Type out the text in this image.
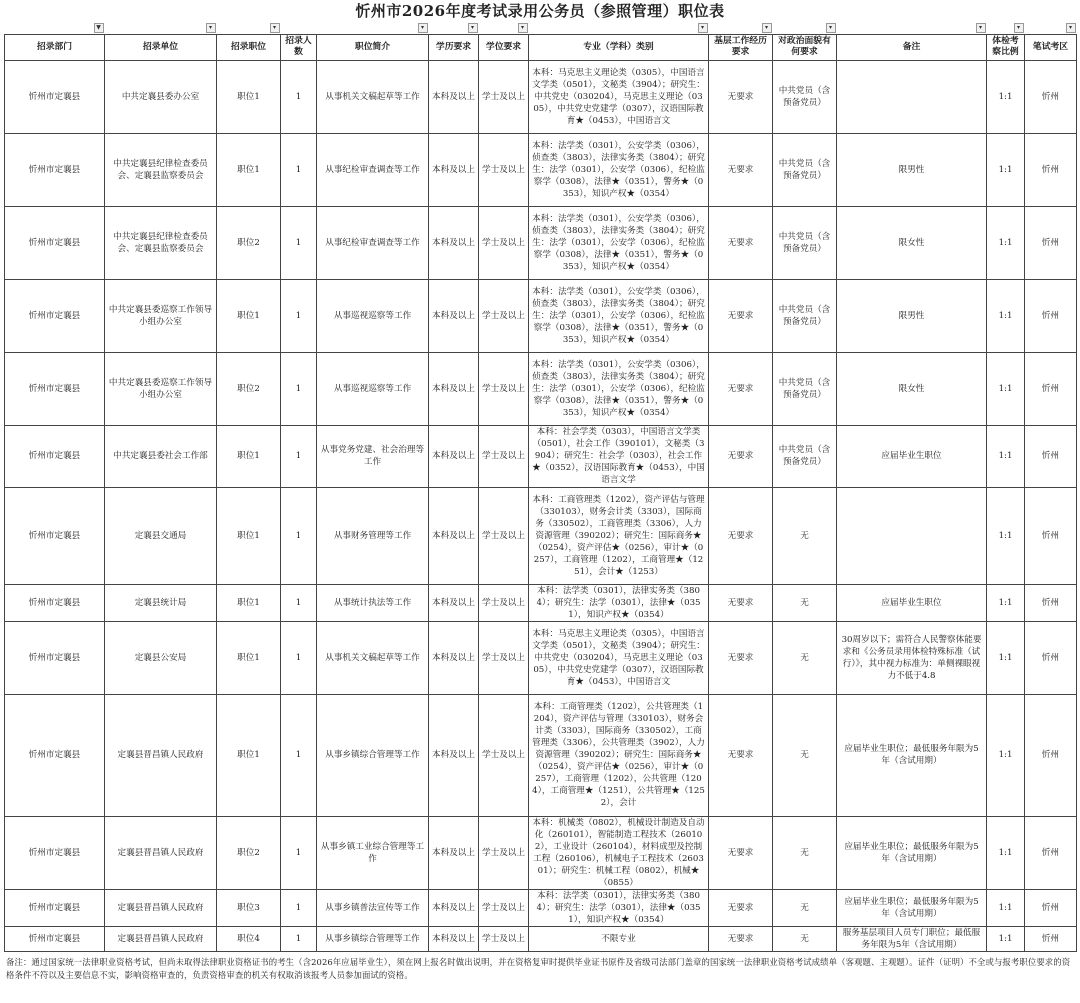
忻州市2026年度考试录用公务员（参照管理）职位表
▼	▾	▾		▾	▾	▾	▾	▾	▾	▾	▾	▾

招录部门	招录单位	招录职位	招录人数	职位简介	学历要求	学位要求	专业（学科）类别	基层工作经历要求	对政治面貌有何要求	备注	体检考察比例	笔试考区
忻州市定襄县	中共定襄县委办公室	职位1	1	从事机关文稿起草等工作	本科及以上	学士及以上	本科：马克思主义理论类（0305），中国语言文学类（0501），文秘类（3904）；研究生：中共党史（030204），马克思主义理论（0305），中共党史党建学（0307），汉语国际教育★（0453），中国语言文	无要求	中共党员（含预备党员）		1:1	忻州
忻州市定襄县	中共定襄县纪律检查委员会、定襄县监察委员会	职位1	1	从事纪检审查调查等工作	本科及以上	学士及以上	本科：法学类（0301），公安学类（0306），侦查类（3803），法律实务类（3804）；研究生：法学（0301），公安学（0306），纪检监察学（0308），法律★（0351），警务★（0353），知识产权★（0354）	无要求	中共党员（含预备党员）	限男性	1:1	忻州
忻州市定襄县	中共定襄县纪律检查委员会、定襄县监察委员会	职位2	1	从事纪检审查调查等工作	本科及以上	学士及以上	本科：法学类（0301），公安学类（0306），侦查类（3803），法律实务类（3804）；研究生：法学（0301），公安学（0306），纪检监察学（0308），法律★（0351），警务★（0353），知识产权★（0354）	无要求	中共党员（含预备党员）	限女性	1:1	忻州
忻州市定襄县	中共定襄县委巡察工作领导小组办公室	职位1	1	从事巡视巡察等工作	本科及以上	学士及以上	本科：法学类（0301），公安学类（0306），侦查类（3803），法律实务类（3804）；研究生：法学（0301），公安学（0306），纪检监察学（0308），法律★（0351），警务★（0353），知识产权★（0354）	无要求	中共党员（含预备党员）	限男性	1:1	忻州
忻州市定襄县	中共定襄县委巡察工作领导小组办公室	职位2	1	从事巡视巡察等工作	本科及以上	学士及以上	本科：法学类（0301），公安学类（0306），侦查类（3803），法律实务类（3804）；研究生：法学（0301），公安学（0306），纪检监察学（0308），法律★（0351），警务★（0353），知识产权★（0354）	无要求	中共党员（含预备党员）	限女性	1:1	忻州
忻州市定襄县	中共定襄县委社会工作部	职位1	1	从事党务党建、社会治理等工作	本科及以上	学士及以上	本科：社会学类（0303），中国语言文学类（0501），社会工作（390101），文秘类（3904）；研究生：社会学（0303），社会工作★（0352），汉语国际教育★（0453），中国语言文学	无要求	中共党员（含预备党员）	应届毕业生职位	1:1	忻州
忻州市定襄县	定襄县交通局	职位1	1	从事财务管理等工作	本科及以上	学士及以上	本科：工商管理类（1202），资产评估与管理（330103），财务会计类（3303），国际商务（330502），工商管理类（3306），人力资源管理（390202）；研究生：国际商务★（0254），资产评估★（0256），审计★（0257），工商管理（1202），工商管理★（1251），会计★（1253）	无要求	无		1:1	忻州
忻州市定襄县	定襄县统计局	职位1	1	从事统计执法等工作	本科及以上	学士及以上	本科：法学类（0301），法律实务类（3804）；研究生：法学（0301），法律★（0351），知识产权★（0354）	无要求	无	应届毕业生职位	1:1	忻州
忻州市定襄县	定襄县公安局	职位1	1	从事机关文稿起草等工作	本科及以上	学士及以上	本科：马克思主义理论类（0305），中国语言文学类（0501），文秘类（3904）；研究生：中共党史（030204），马克思主义理论（0305），中共党史党建学（0307），汉语国际教育★（0453），中国语言文	无要求	无	30周岁以下；需符合人民警察体能要求和《公务员录用体检特殊标准（试行）》，其中视力标准为：单侧裸眼视力不低于4.8	1:1	忻州
忻州市定襄县	定襄县晋昌镇人民政府	职位1	1	从事乡镇综合管理等工作	本科及以上	学士及以上	本科：工商管理类（1202），公共管理类（1204），资产评估与管理（330103），财务会计类（3303），国际商务（330502），工商管理类（3306），公共管理类（3902），人力资源管理（390202）；研究生：国际商务★（0254），资产评估★（0256），审计★（0257），工商管理（1202），公共管理（1204），工商管理★（1251），公共管理★（1252），会计	无要求	无	应届毕业生职位；最低服务年限为5年（含试用期）	1:1	忻州
忻州市定襄县	定襄县晋昌镇人民政府	职位2	1	从事乡镇工业综合管理等工作	本科及以上	学士及以上	本科：机械类（0802），机械设计制造及自动化（260101），智能制造工程技术（260102），工业设计（260104），材料成型及控制工程（260106），机械电子工程技术（260301）；研究生：机械工程（0802），机械★（0855）	无要求	无	应届毕业生职位；最低服务年限为5年（含试用期）	1:1	忻州
忻州市定襄县	定襄县晋昌镇人民政府	职位3	1	从事乡镇普法宣传等工作	本科及以上	学士及以上	本科：法学类（0301），法律实务类（3804）；研究生：法学（0301），法律★（0351），知识产权★（0354）	无要求	无	应届毕业生职位；最低服务年限为5年（含试用期）	1:1	忻州
忻州市定襄县	定襄县晋昌镇人民政府	职位4	1	从事乡镇综合管理等工作	本科及以上	学士及以上	不限专业	无要求	无	服务基层项目人员专门职位；最低服务年限为5年（含试用期）	1:1	忻州
备注：通过国家统一法律职业资格考试，但尚未取得法律职业资格证书的考生（含2026年应届毕业生），须在网上报名时做出说明，并在资格复审时提供毕业证书原件及省级司法部门盖章的国家统一法律职业资格考试成绩单（客观题、主观题）。证件（证明）不全或与报考职位要求的资格条件不符以及主要信息不实，影响资格审查的，负责资格审查的机关有权取消该报考人员参加面试的资格。
